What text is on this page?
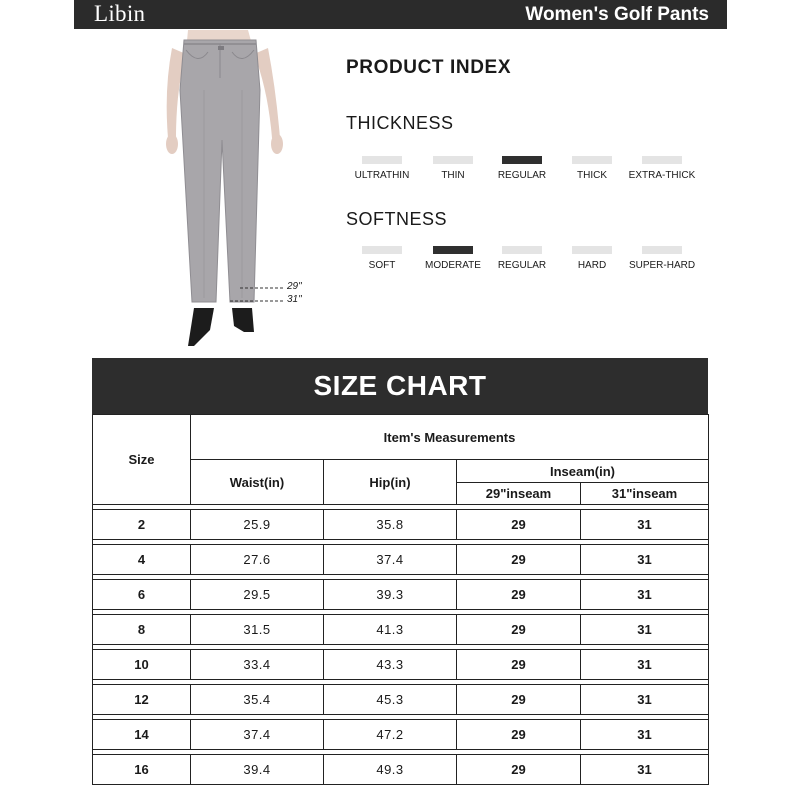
Libin	Women's Golf Pants
29"
31"
PRODUCT INDEX
THICKNESS
ULTRATHIN	THIN	REGULAR	THICK	EXTRA-THICK
SOFTNESS
SOFT	MODERATE	REGULAR	HARD	SUPER-HARD
SIZE CHART
Size	Item's Measurements			
	Waist(in)	Hip(in)	Inseam(in)	
			29"inseam	31"inseam

2	25.9	35.8	29	31

4	27.6	37.4	29	31

6	29.5	39.3	29	31

8	31.5	41.3	29	31

10	33.4	43.3	29	31

12	35.4	45.3	29	31

14	37.4	47.2	29	31

16	39.4	49.3	29	31
